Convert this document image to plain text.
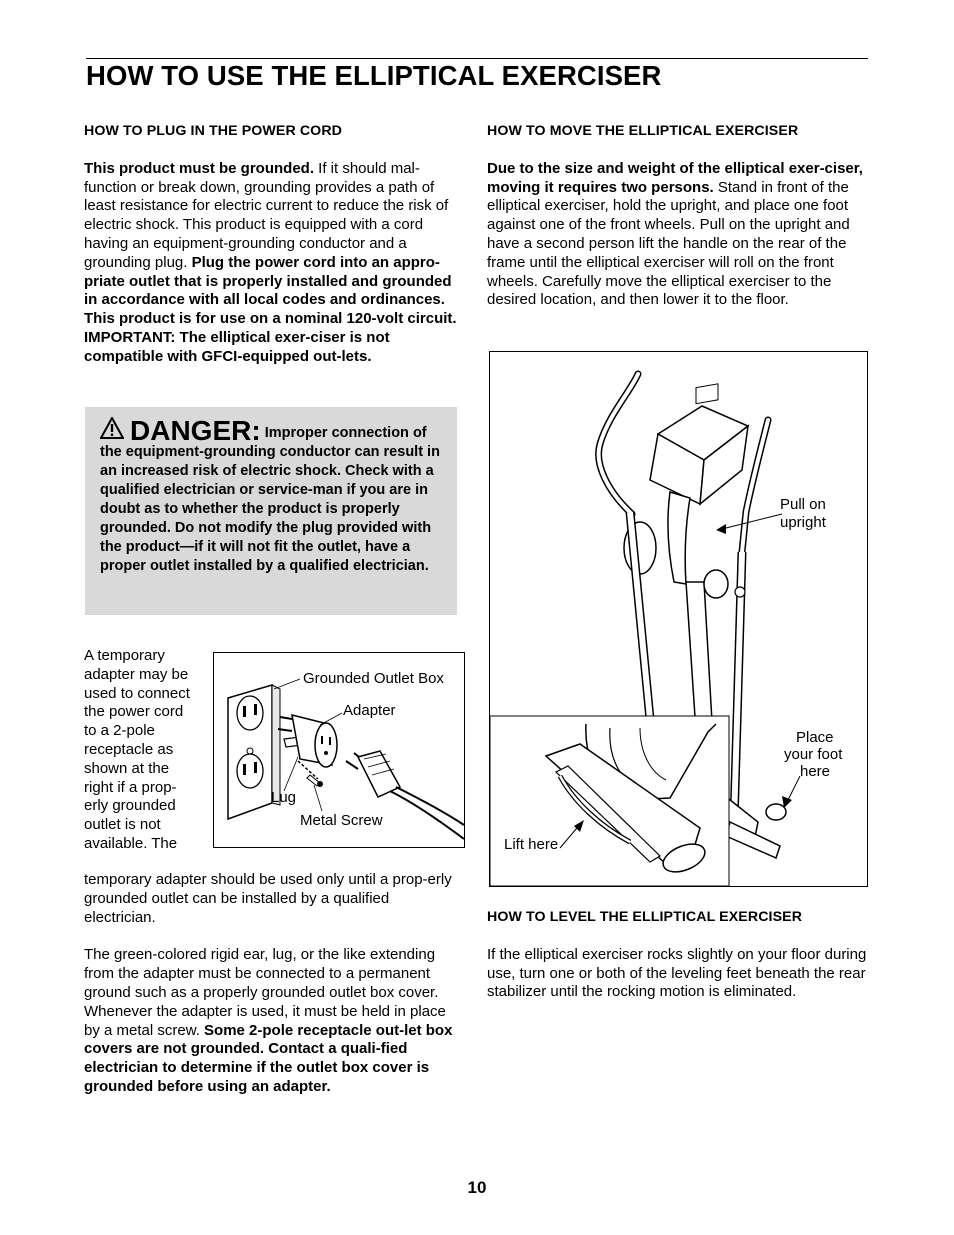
HOW TO USE THE ELLIPTICAL EXERCISER

HOW TO PLUG IN THE POWER CORD

This product must be grounded. If it should mal-function or break down, grounding provides a path of least resistance for electric current to reduce the risk of electric shock. This product is equipped with a cord having an equipment-grounding conductor and a grounding plug. Plug the power cord into an appro-priate outlet that is properly installed and grounded in accordance with all local codes and ordinances. This product is for use on a nominal 120-volt circuit. IMPORTANT: The elliptical exer-ciser is not compatible with GFCI-equipped out-lets.

DANGER: Improper connection of the equipment-grounding conductor can result in an increased risk of electric shock. Check with a qualified electrician or service-man if you are in doubt as to whether the product is properly grounded. Do not modify the plug provided with the product—if it will not fit the outlet, have a proper outlet installed by a qualified electrician.
A temporary adapter may be used to connect the power cord to a 2-pole receptacle as shown at the right if a prop-erly grounded outlet is not available. The
Grounded Outlet Box
Adapter
Lug
Metal Screw

temporary adapter should be used only until a prop-erly grounded outlet can be installed by a qualified electrician.

The green-colored rigid ear, lug, or the like extending from the adapter must be connected to a permanent ground such as a properly grounded outlet box cover. Whenever the adapter is used, it must be held in place by a metal screw. Some 2-pole receptacle out-let box covers are not grounded. Contact a quali-fied electrician to determine if the outlet box cover is grounded before using an adapter.

HOW TO MOVE THE ELLIPTICAL EXERCISER

Due to the size and weight of the elliptical exer-ciser, moving it requires two persons. Stand in front of the elliptical exerciser, hold the upright, and place one foot against one of the front wheels. Pull on the upright and have a second person lift the handle on the rear of the frame until the elliptical exerciser will roll on the front wheels. Carefully move the elliptical exerciser to the desired location, and then lower it to the floor.

Pull on
upright
Place
your foot
here
Lift here

HOW TO LEVEL THE ELLIPTICAL EXERCISER

If the elliptical exerciser rocks slightly on your floor during use, turn one or both of the leveling feet beneath the rear stabilizer until the rocking motion is eliminated.

10
